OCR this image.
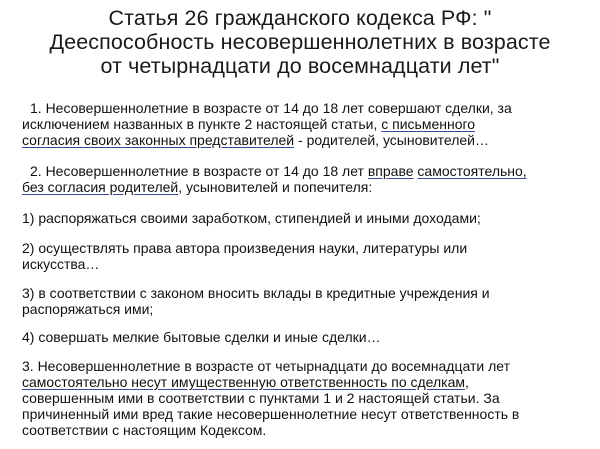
Статья 26 гражданского кодекса РФ: "
Дееспособность несовершеннолетних в возрасте
от четырнадцати до восемнадцати лет"
1. Несовершеннолетние в возрасте от 14 до 18 лет совершают сделки, за
исключением названных в пункте 2 настоящей статьи, с письменного
согласия своих законных представителей - родителей, усыновителей…
2. Несовершеннолетние в возрасте от 14 до 18 лет вправе самостоятельно,
без согласия родителей, усыновителей и попечителя:
1) распоряжаться своими заработком, стипендией и иными доходами;
2) осуществлять права автора произведения науки, литературы или
искусства…
3) в соответствии с законом вносить вклады в кредитные учреждения и
распоряжаться ими;
4) совершать мелкие бытовые сделки и иные сделки…
3. Несовершеннолетние в возрасте от четырнадцати до восемнадцати лет
самостоятельно несут имущественную ответственность по сделкам,
совершенным ими в соответствии с пунктами 1 и 2 настоящей статьи. За
причиненный ими вред такие несовершеннолетние несут ответственность в
соответствии с настоящим Кодексом.
